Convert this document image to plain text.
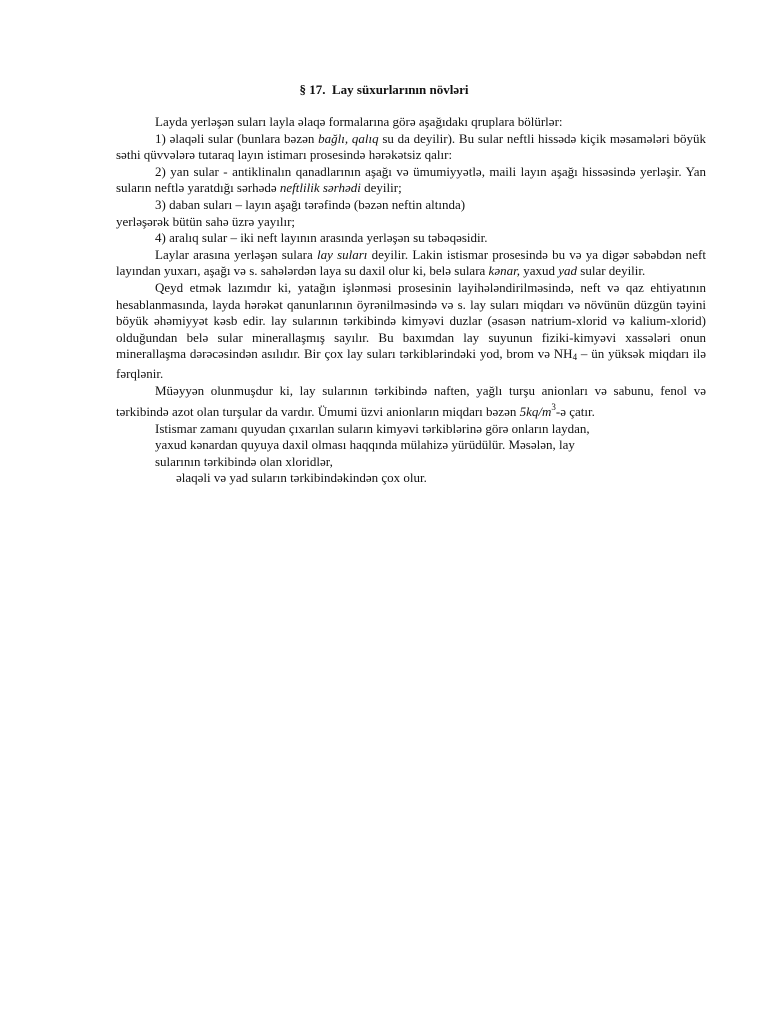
§ 17.  Lay süxurlarının növləri

Layda yerləşən suları layla əlaqə formalarına görə aşağıdakı qruplara bölürlər:

1) əlaqəli sular (bunlara bəzən bağlı, qalıq su da deyilir). Bu sular neftli hissədə kiçik məsamələri böyük səthi qüvvələrə tutaraq layın istimarı prosesində hərəkətsiz qalır:

2) yan sular - antiklinalın qanadlarının aşağı və ümumiyyətlə, maili layın aşağı hissəsində yerləşir. Yan suların neftlə yaratdığı sərhədə neftlilik sərhədi deyilir;

3) daban suları – layın aşağı tərəfində (bəzən neftin altında)
yerləşərək bütün sahə üzrə yayılır;

4) aralıq sular – iki neft layının arasında yerləşən su təbəqəsidir.

Laylar arasına yerləşən sulara lay suları deyilir. Lakin istismar prosesində bu və ya digər səbəbdən neft layından yuxarı, aşağı və s. sahələrdən laya su daxil olur ki, belə sulara kənar, yaxud yad sular deyilir.

Qeyd etmək lazımdır ki, yatağın işlənməsi prosesinin layihələndirilməsində, neft və qaz ehtiyatının hesablanmasında, layda hərəkət qanunlarının öyrənilməsində və s. lay suları miqdarı və növünün düzgün təyini böyük əhəmiyyət kəsb edir. lay sularının tərkibində kimyəvi duzlar (əsasən natrium-xlorid və kalium-xlorid) olduğundan belə sular minerallaşmış sayılır. Bu baxımdan lay suyunun fiziki-kimyəvi xassələri onun minerallaşma dərəcəsindən asılıdır. Bir çox lay suları tərkiblərindəki yod, brom və $NH_4$ – ün yüksək miqdarı ilə fərqlənir.

Müəyyən olunmuşdur ki, lay sularının tərkibində naften, yağlı turşu anionları və sabunu, fenol və tərkibində azot olan turşular da vardır. Ümumi üzvi anionların miqdarı bəzən $5kq/m^3-ə$ çatır.

Istismar zamanı quyudan çıxarılan suların kimyəvi tərkiblərinə görə onların laydan,
yaxud kənardan quyuya daxil olması haqqında mülahizə yürüdülür. Məsələn, lay
sularının tərkibində olan xloridlər,
əlaqəli və yad suların tərkibindəkindən çox olur.
